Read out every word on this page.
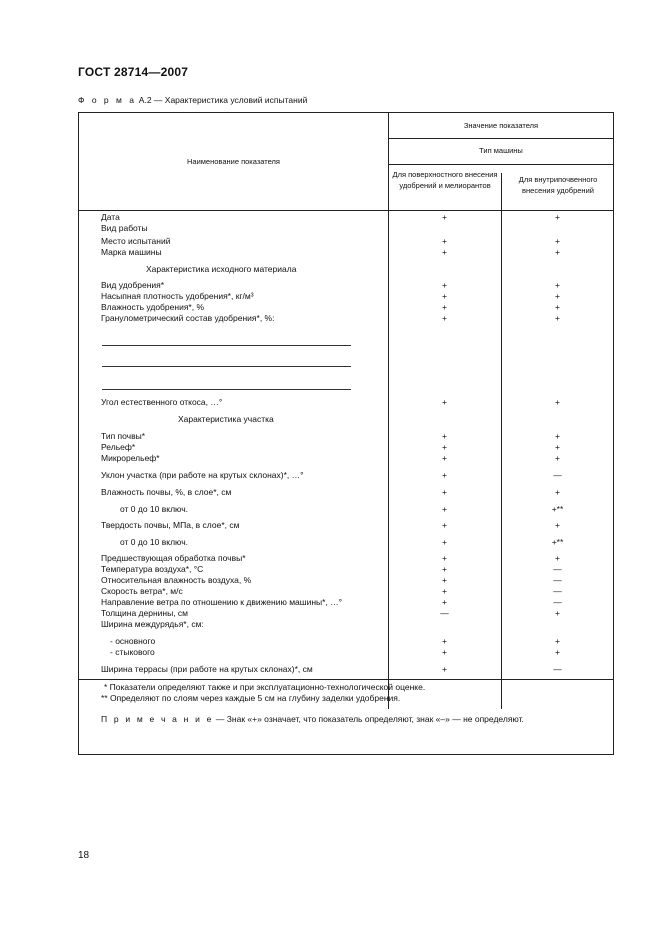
ГОСТ 28714—2007
Ф о р м а А.2 — Характеристика условий испытаний
Наименование показателя
Значение показателя
Тип машины
Для поверхностного внесения удобрений и мелиорантов
Для внутрипочвенного внесения удобрений
Дата	+	+
Вид работы
Место испытаний	+	+
Марка машины	+	+
Характеристика исходного материала
Вид удобрения*	+	+
Насыпная плотность удобрения*, кг/м³	+	+
Влажность удобрения*, %	+	+
Гранулометрический состав удобрения*, %:	+	+
Угол естественного откоса, …°	+	+
Характеристика участка
Тип почвы*	+	+
Рельеф*	+	+
Микрорельеф*	+	+
Уклон участка (при работе на крутых склонах)*, …°	+	—
Влажность почвы, %, в слое*, см	+	+
от 0 до 10 включ.	+	+**
Твердость почвы, МПа, в слое*, см	+	+
от 0 до 10 включ.	+	+**
Предшествующая обработка почвы*	+	+
Температура воздуха*, °С	+	—
Относительная влажность воздуха, %	+	—
Скорость ветра*, м/с	+	—
Направление ветра по отношению к движению машины*, …°	+	—
Толщина дернины, см	—	+
Ширина междурядья*, см:
- основного	+	+
- стыкового	+	+
Ширина террасы (при работе на крутых склонах)*, см	+	—
* Показатели определяют также и при эксплуатационно-технологической оценке.
** Определяют по слоям через каждые 5 см на глубину заделки удобрения.
П р и м е ч а н и е — Знак «+» означает, что показатель определяют, знак «–» — не определяют.
18
